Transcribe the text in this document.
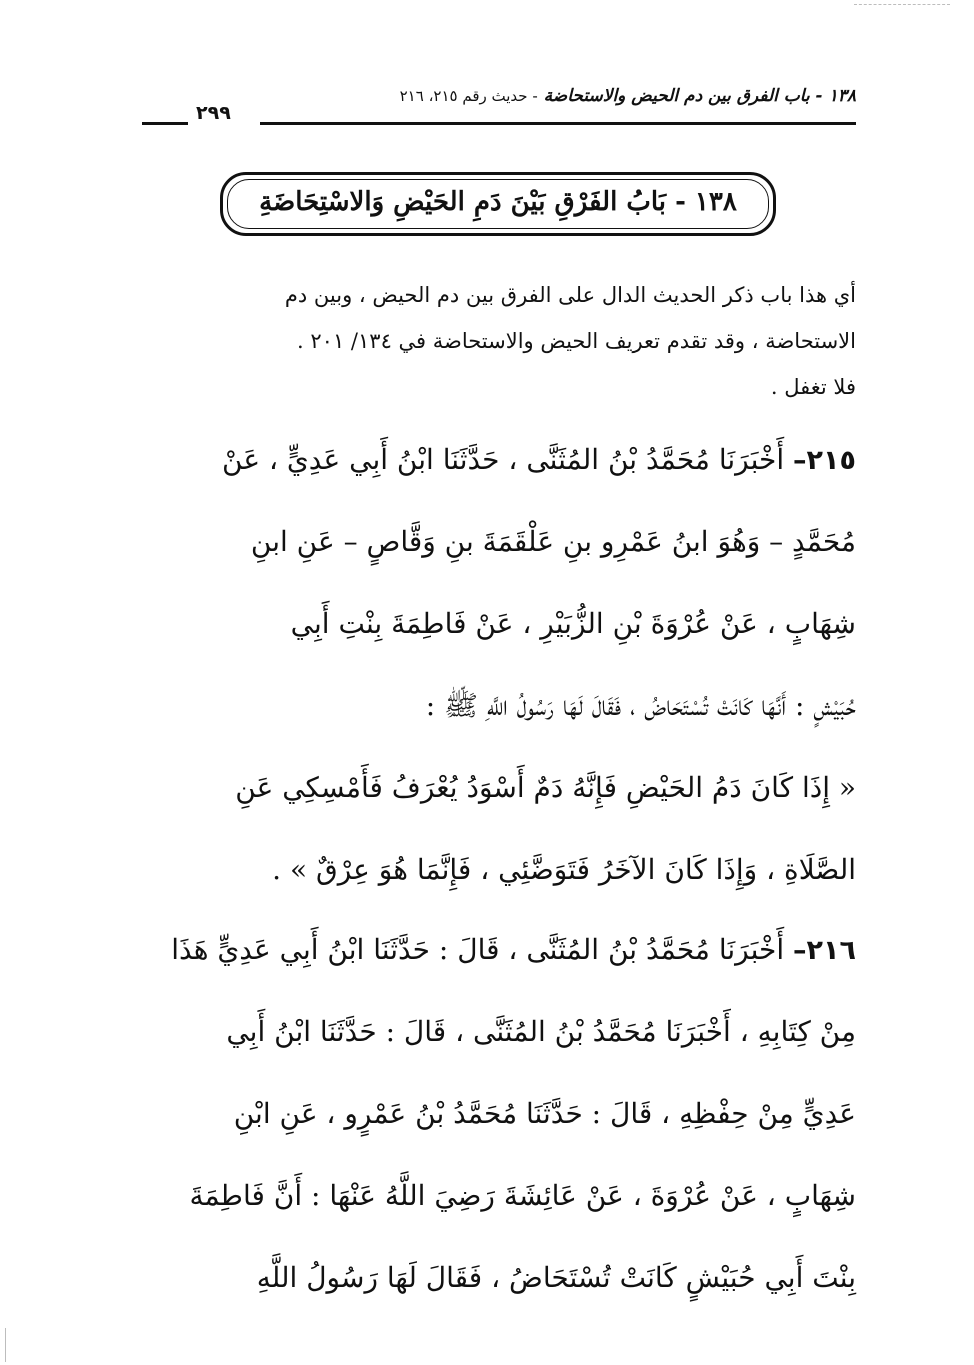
١٣٨ - باب الفرق بين دم الحيض والاستحاضة - حديث رقم ٢١٥، ٢١٦
٢٩٩
١٣٨ - بَابُ الفَرْقِ بَيْنَ دَمِ الحَيْضِ وَالاسْتِحَاضَةِ
أي هذا باب ذكر الحديث الدال على الفرق بين دم الحيض ، وبين دم
الاستحاضة ، وقد تقدم تعريف الحيض والاستحاضة في ١٣٤/ ٢٠١ .
فلا تغفل .
٢١٥– أَخْبَرَنَا مُحَمَّدُ بْنُ المُثَنَّى ، حَدَّثَنَا ابْنُ أَبِي عَدِيٍّ ، عَنْ
مُحَمَّدٍ – وَهُوَ ابنُ عَمْرِو بنِ عَلْقَمَةَ بنِ وَقَّاصٍ – عَنِ ابنِ
شِهَابٍ ، عَنْ عُرْوَةَ بْنِ الزُّبَيْرِ ، عَنْ فَاطِمَةَ بِنْتِ أَبِي
حُبَيْشٍ : أَنَّهَا كَانَتْ تُسْتَحَاضُ ، فَقَالَ لَهَا رَسُولُ اللَّهِ ﷺ :
« إِذَا كَانَ دَمُ الحَيْضِ فَإِنَّهُ دَمٌ أَسْوَدُ يُعْرَفُ فَأَمْسِكِي عَنِ
الصَّلَاةِ ، وَإِذَا كَانَ الآخَرُ فَتَوَضَّئِي ، فَإِنَّمَا هُوَ عِرْقٌ » .
٢١٦– أَخْبَرَنَا مُحَمَّدُ بْنُ المُثَنَّى ، قَالَ : حَدَّثَنَا ابْنُ أَبِي عَدِيٍّ هَذَا
مِنْ كِتَابِهِ ، أَخْبَرَنَا مُحَمَّدُ بْنُ المُثَنَّى ، قَالَ : حَدَّثَنَا ابْنُ أَبِي
عَدِيٍّ مِنْ حِفْظِهِ ، قَالَ : حَدَّثَنَا مُحَمَّدُ بْنُ عَمْرٍو ، عَنِ ابْنِ
شِهَابٍ ، عَنْ عُرْوَةَ ، عَنْ عَائِشَةَ رَضِيَ اللَّهُ عَنْهَا : أَنَّ فَاطِمَةَ
بِنْتَ أَبِي حُبَيْشٍ كَانَتْ تُسْتَحَاضُ ، فَقَالَ لَهَا رَسُولُ اللَّهِ
